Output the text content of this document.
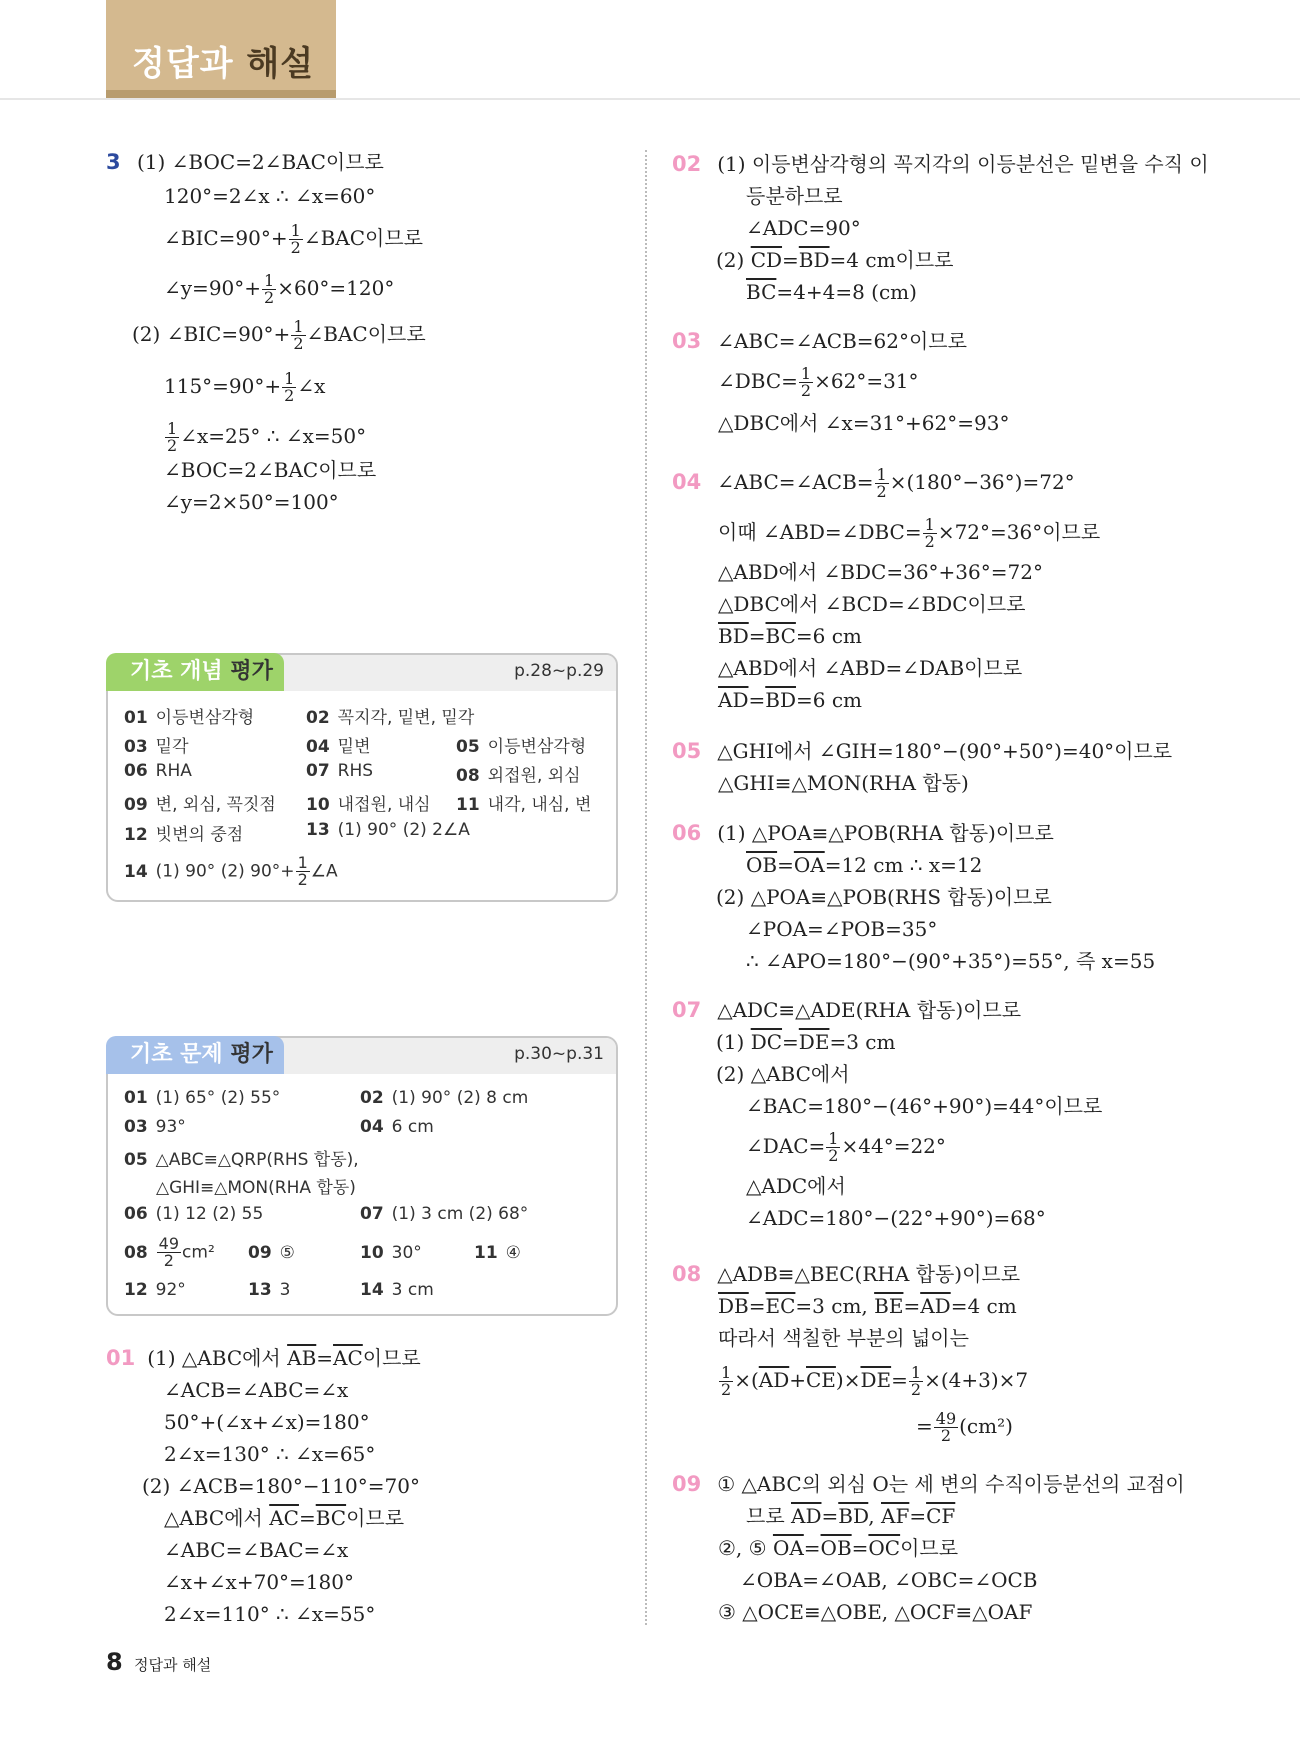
정답과 해설
3 (1) ∠BOC=2∠BAC이므로
120°=2∠x ∴ ∠x=60°
∠BIC=90°+ $\frac{1}{2}$ ∠BAC이므로
∠y=90°+ $\frac{1}{2} \times 60^\circ=120^\circ$
(2) ∠BIC=90°+ $\frac{1}{2}$ ∠BAC이므로
$115^\circ=90^\circ+ \frac{1}{2}$ ∠x
$\frac{1}{2}$ ∠x=25° ∴ ∠x=50°
∠BOC=2∠BAC이므로
∠y=2×50°=100°
기초 개념 평가	p.28~p.29
01 이등변삼각형	02 꼭지각, 밑변, 밑각
03 밑각	04 밑변	05 이등변삼각형
06 RHA	07 RHS	08 외접원, 외심
09 변, 외심, 꼭짓점 10 내접원, 내심 11 내각, 내심, 변
12 빗변의 중점	13 (1) 90° (2) 2∠A
14 (1) 90° (2) $90^\circ+ \frac{1}{2}$ ∠A
기초 문제 평가	p.30~p.31
01 (1) 65° (2) 55°	02 (1) 90° (2) 8 cm
03 93°	04 6 cm
05 △ABC≡△QRP(RHS 합동),
△GHI≡△MON(RHA 합동)
06 (1) 12 (2) 55	07 (1) 3 cm (2) 68°
$08 \frac{49}{2} cm^2$ 09 ⑤	10 30°	11 ④
12 92°	13 3	14 3 cm
01 (1) △ABC에서 $\overline{AB}=\overline{AC}$이므로
∠ACB=∠ABC=∠x
50°+(∠x+∠x)=180°
2∠x=130° ∴ ∠x=65°
(2) ∠ACB=180°−110°=70°
△ABC에서 $\overline{AC}=\overline{BC}$이므로
∠ABC=∠BAC=∠x
∠x+∠x+70°=180°
2∠x=110° ∴ ∠x=55°
02 (1) 이등변삼각형의 꼭지각의 이등분선은 밑변을 수직 이
등분하므로
∠ADC=90°
(2) $\overline{CD}=\overline{BD}=4$ cm이므로
$\overline{BC}=4+4=8$ (cm)
03 ∠ABC=∠ACB=62°이므로
∠DBC= $\frac{1}{2} \times 62^\circ=31^\circ$
△DBC에서 ∠x=31°+62°=93°
04 ∠ABC=∠ACB= $\frac{1}{2} \times(180^\circ-36^\circ)=72^\circ$
이때 ∠ABD=∠DBC= $\frac{1}{2} \times 72^\circ=36^\circ$이므로
△ABD에서 ∠BDC=36°+36°=72°
△DBC에서 ∠BCD=∠BDC이므로
$\overline{BD}=\overline{BC}=6$ cm
△ABD에서 ∠ABD=∠DAB이므로
$\overline{AD}=\overline{BD}=6$ cm
05 △GHI에서 ∠GIH=180°−(90°+50°)=40°이므로
△GHI≡△MON(RHA 합동)
06 (1) △POA≡△POB(RHA 합동)이므로
$\overline{OB}=\overline{OA}=12$ cm ∴ x=12
(2) △POA≡△POB(RHS 합동)이므로
∠POA=∠POB=35°
∴ ∠APO=180°−(90°+35°)=55°, 즉 x=55
07 △ADC≡△ADE(RHA 합동)이므로
(1) $\overline{DC}=\overline{DE}=3$ cm
(2) △ABC에서
∠BAC=180°−(46°+90°)=44°이므로
∠DAC= $\frac{1}{2} \times 44^\circ=22^\circ$
△ADC에서
∠ADC=180°−(22°+90°)=68°
08 △ADB≡△BEC(RHA 합동)이므로
$\overline{DB}=\overline{EC}=3$ cm, $\overline{BE}=\overline{AD}=4$ cm
따라서 색칠한 부분의 넓이는
$\frac{1}{2} \times(\overline{AD}+\overline{CE})\times\overline{DE}= \frac{1}{2} \times(4+3)\times 7$
= $\frac{49}{2} (cm^2)$
09 ① △ABC의 외심 O는 세 변의 수직이등분선의 교점이
므로 $\overline{AD}=\overline{BD}$, $\overline{AF}=\overline{CF}$
②, ⑤ $\overline{OA}=\overline{OB}=\overline{OC}$이므로
∠OBA=∠OAB, ∠OBC=∠OCB
③ △OCE≡△OBE, △OCF≡△OAF
8 정답과 해설
